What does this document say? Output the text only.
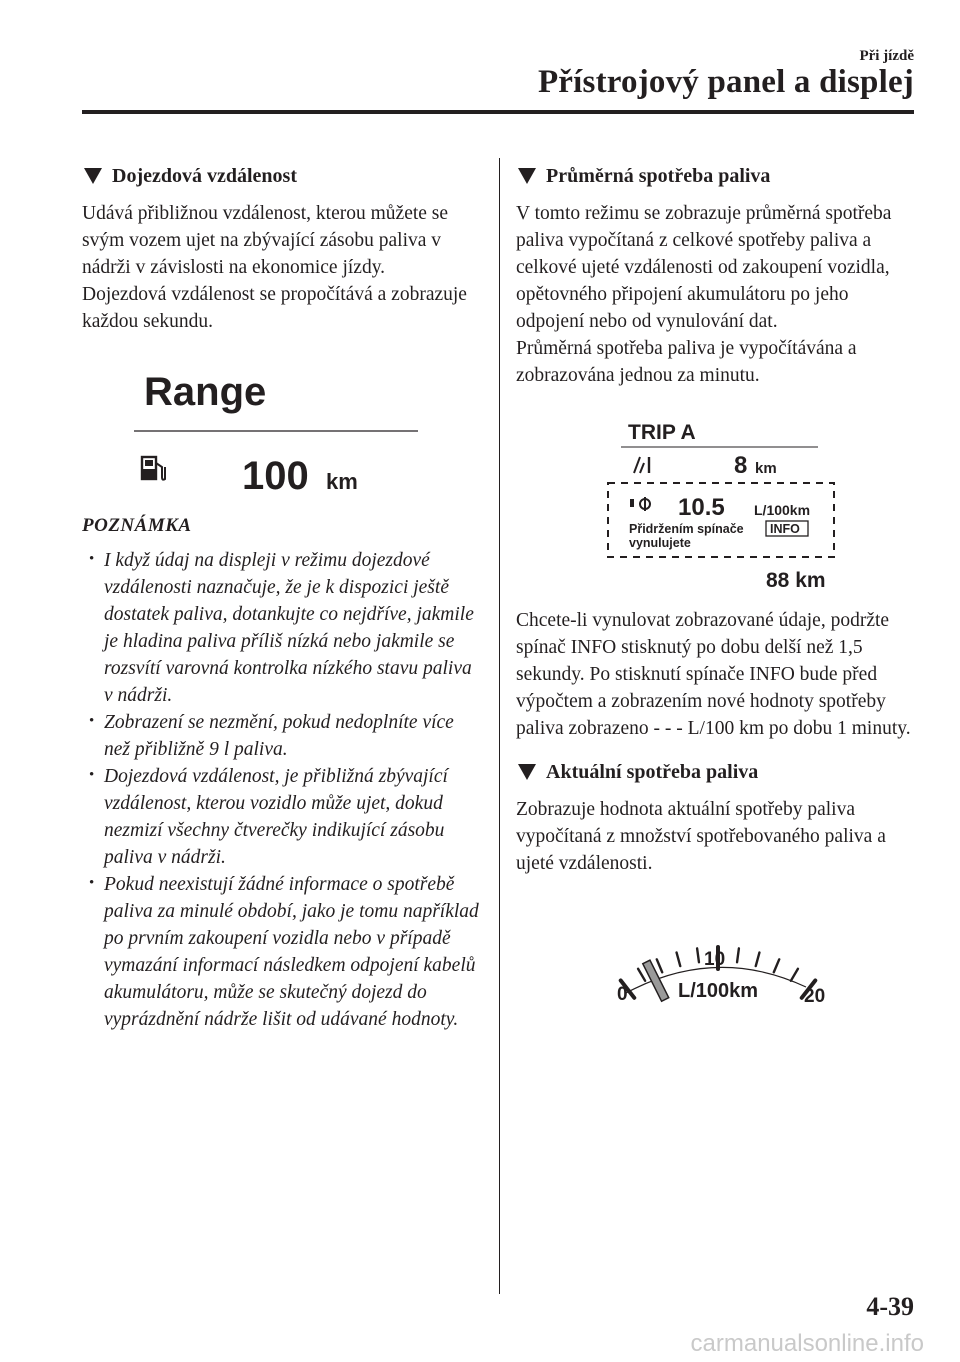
Při jízdě
Přístrojový panel a displej
Dojezdová vzdálenost

Udává přibližnou vzdálenost, kterou můžete se svým vozem ujet na zbývající zásobu paliva v nádrži v závislosti na ekonomice jízdy.

Dojezdová vzdálenost se propočítává a zobrazuje každou sekundu.

Range
100 km
POZNÁMKA
• I když údaj na displeji v režimu dojezdové vzdálenosti naznačuje, že je k dispozici ještě dostatek paliva, dotankujte co nejdříve, jakmile je hladina paliva příliš nízká nebo jakmile se rozsvítí varovná kontrolka nízkého stavu paliva v nádrži.
• Zobrazení se nezmění, pokud nedoplníte více než přibližně 9 l paliva.
• Dojezdová vzdálenost, je přibližná zbývající vzdálenost, kterou vozidlo může ujet, dokud nezmizí všechny čtverečky indikující zásobu paliva v nádrži.
• Pokud neexistují žádné informace o spotřebě paliva za minulé období, jako je tomu například po prvním zakoupení vozidla nebo v případě vymazání informací následkem odpojení kabelů akumulátoru, může se skutečný dojezd do vyprázdnění nádrže lišit od udávané hodnoty.
Průměrná spotřeba paliva

V tomto režimu se zobrazuje průměrná spotřeba paliva vypočítaná z celkové spotřeby paliva a celkové ujeté vzdálenosti od zakoupení vozidla, opětovného připojení akumulátoru po jeho odpojení nebo od vynulování dat.

Průměrná spotřeba paliva je vypočítávána a zobrazována jednou za minutu.

TRIP A
8 km
10.5 L/100km
Přidržením spínače INFO
vynulujete
88 km

Chcete-li vynulovat zobrazované údaje, podržte spínač INFO stisknutý po dobu delší než 1,5 sekundy. Po stisknutí spínače INFO bude před výpočtem a zobrazením nové hodnoty spotřeby paliva zobrazeno - - - L/100 km po dobu 1 minuty.

Aktuální spotřeba paliva

Zobrazuje hodnota aktuální spotřeby paliva vypočítaná z množství spotřebovaného paliva a ujeté vzdálenosti.

0
10
20
L/100km
4-39
carmanualsonline.info
